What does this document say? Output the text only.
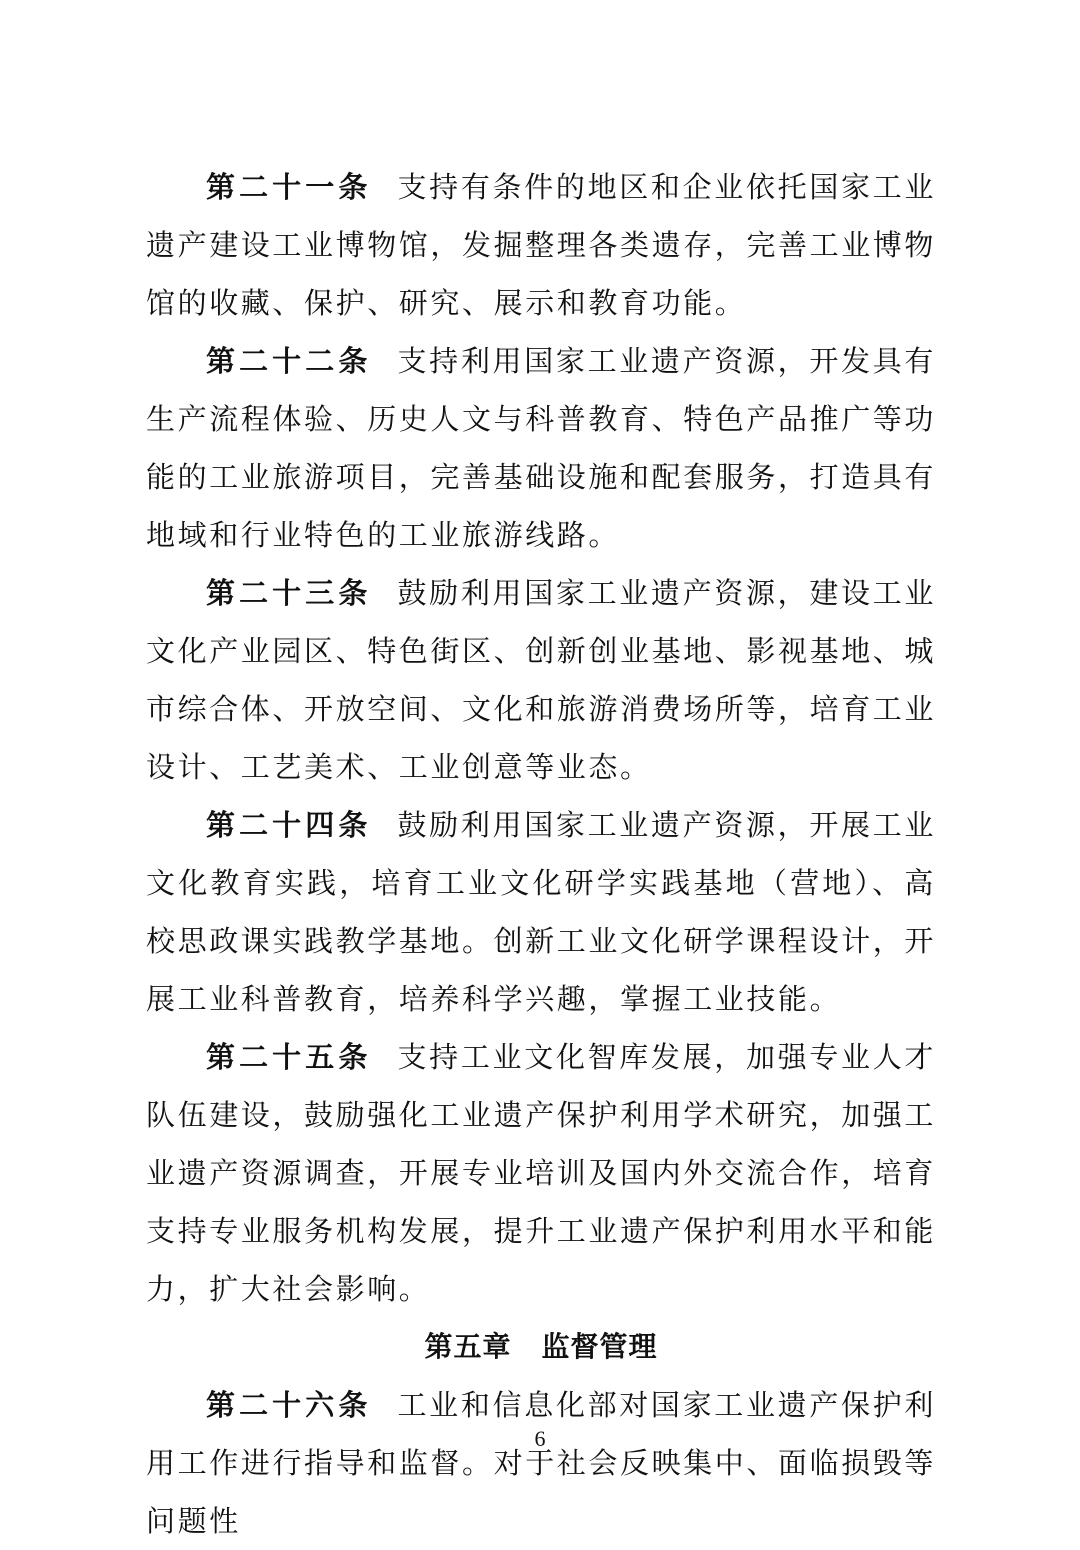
第二十一条 支持有条件的地区和企业依托国家工业遗产建设工业博物馆，发掘整理各类遗存，完善工业博物馆的收藏、保护、研究、展示和教育功能。

第二十二条 支持利用国家工业遗产资源，开发具有生产流程体验、历史人文与科普教育、特色产品推广等功能的工业旅游项目，完善基础设施和配套服务，打造具有地域和行业特色的工业旅游线路。

第二十三条 鼓励利用国家工业遗产资源，建设工业文化产业园区、特色街区、创新创业基地、影视基地、城市综合体、开放空间、文化和旅游消费场所等，培育工业设计、工艺美术、工业创意等业态。

第二十四条 鼓励利用国家工业遗产资源，开展工业文化教育实践，培育工业文化研学实践基地（营地）、高校思政课实践教学基地。创新工业文化研学课程设计，开展工业科普教育，培养科学兴趣，掌握工业技能。

第二十五条 支持工业文化智库发展，加强专业人才队伍建设，鼓励强化工业遗产保护利用学术研究，加强工业遗产资源调查，开展专业培训及国内外交流合作，培育支持专业服务机构发展，提升工业遗产保护利用水平和能力，扩大社会影响。

第五章 监督管理

第二十六条 工业和信息化部对国家工业遗产保护利用工作进行指导和监督。对于社会反映集中、面临损毁等问题性

6
